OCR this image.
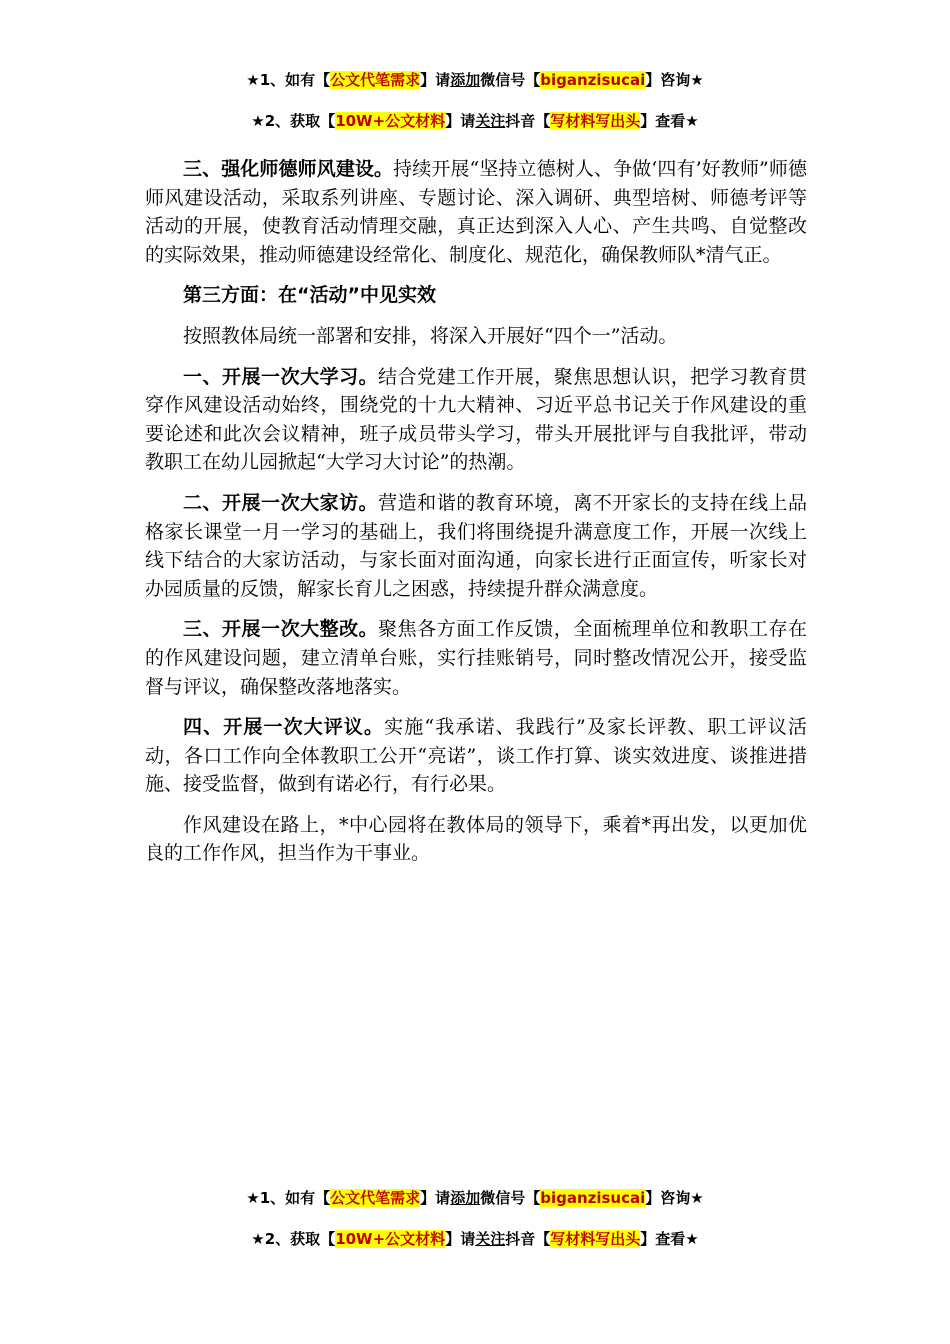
★1、如有【公文代笔需求】请添加微信号【biganzisucai】咨询★
★2、获取【10W+公文材料】请关注抖音【写材料写出头】查看★

三、强化师德师风建设。持续开展“坚持立德树人、争做‘四有’好教师”师德师风建设活动，采取系列讲座、专题讨论、深入调研、典型培树、师德考评等活动的开展，使教育活动情理交融，真正达到深入人心、产生共鸣、自觉整改的实际效果，推动师德建设经常化、制度化、规范化，确保教师队*清气正。

第三方面：在“活动”中见实效

按照教体局统一部署和安排，将深入开展好“四个一”活动。

一、开展一次大学习。结合党建工作开展，聚焦思想认识，把学习教育贯穿作风建设活动始终，围绕党的十九大精神、习近平总书记关于作风建设的重要论述和此次会议精神，班子成员带头学习，带头开展批评与自我批评，带动教职工在幼儿园掀起“大学习大讨论”的热潮。

二、开展一次大家访。营造和谐的教育环境，离不开家长的支持在线上品格家长课堂一月一学习的基础上，我们将围绕提升满意度工作，开展一次线上线下结合的大家访活动，与家长面对面沟通，向家长进行正面宣传，听家长对办园质量的反馈，解家长育儿之困惑，持续提升群众满意度。

三、开展一次大整改。聚焦各方面工作反馈，全面梳理单位和教职工存在的作风建设问题，建立清单台账，实行挂账销号，同时整改情况公开，接受监督与评议，确保整改落地落实。

四、开展一次大评议。实施“我承诺、我践行”及家长评教、职工评议活动，各口工作向全体教职工公开“亮诺”，谈工作打算、谈实效进度、谈推进措施、接受监督，做到有诺必行，有行必果。

作风建设在路上，*中心园将在教体局的领导下，乘着*再出发，以更加优良的工作作风，担当作为干事业。

★1、如有【公文代笔需求】请添加微信号【biganzisucai】咨询★
★2、获取【10W+公文材料】请关注抖音【写材料写出头】查看★
